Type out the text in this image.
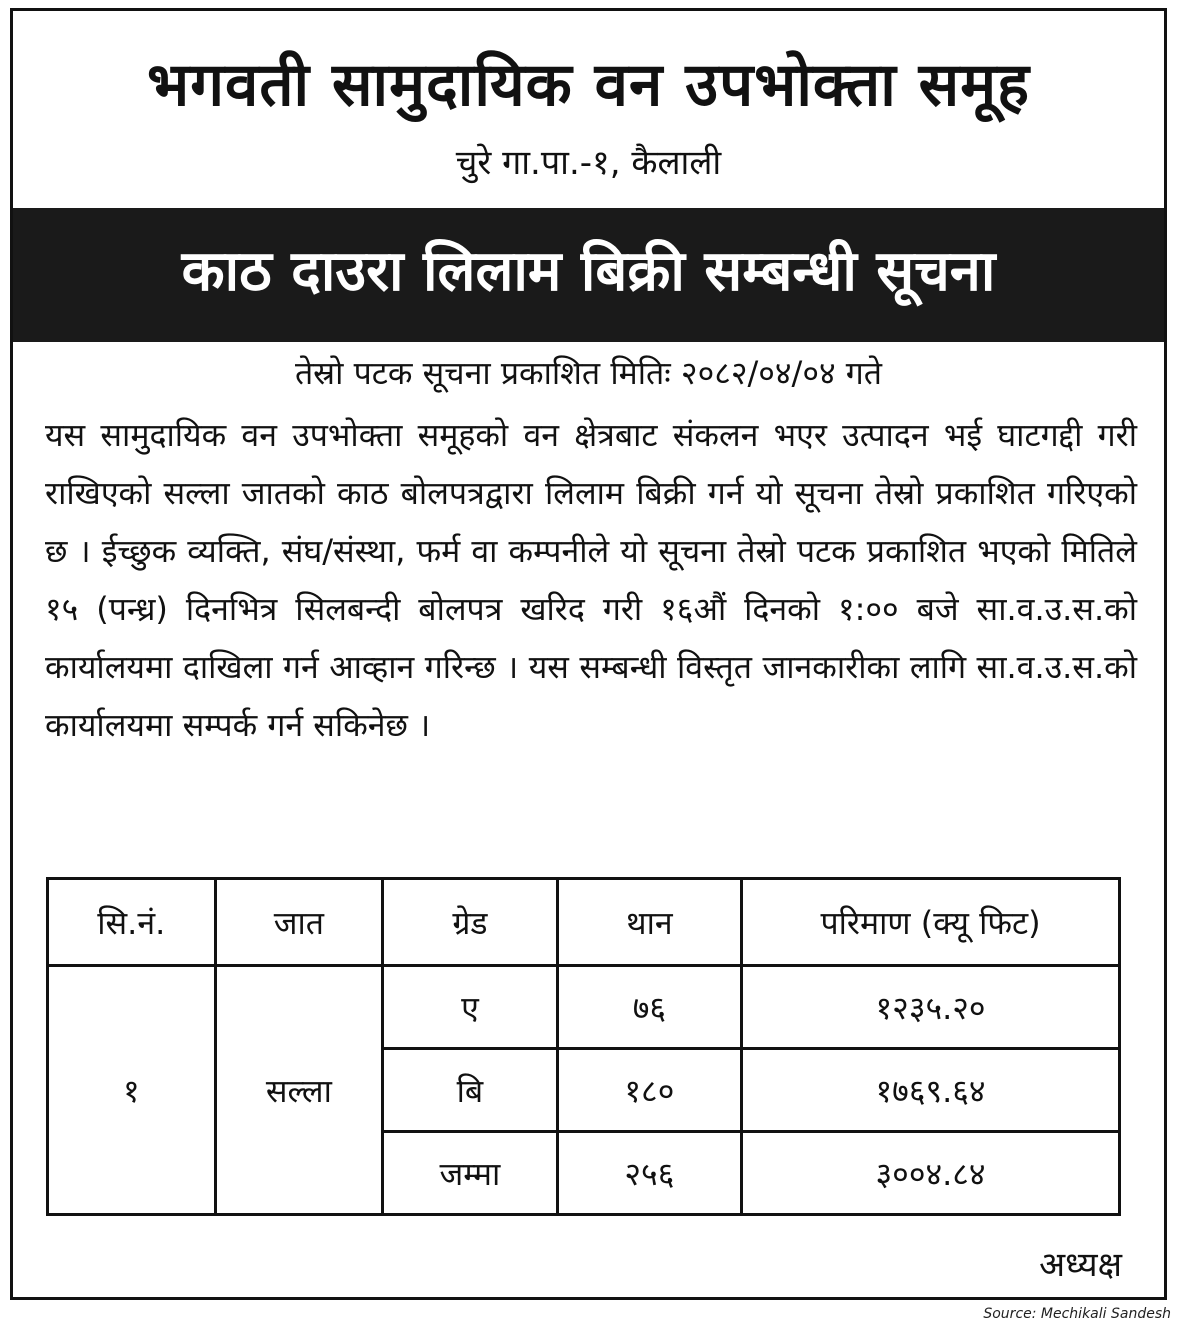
भगवती सामुदायिक वन उपभोक्ता समूह
चुरे गा.पा.-१, कैलाली
काठ दाउरा लिलाम बिक्री सम्बन्धी सूचना
तेस्रो पटक सूचना प्रकाशित मितिः २०८२/०४/०४ गते
यस सामुदायिक वन उपभोक्ता समूहको वन क्षेत्रबाट संकलन भएर उत्पादन भई घाटगद्दी गरी राखिएको सल्ला जातको काठ बोलपत्रद्वारा लिलाम बिक्री गर्न यो सूचना तेस्रो प्रकाशित गरिएको छ । ईच्छुक व्यक्ति, संघ/संस्था, फर्म वा कम्पनीले यो सूचना तेस्रो पटक प्रकाशित भएको मितिले १५ (पन्ध्र) दिनभित्र सिलबन्दी बोलपत्र खरिद गरी १६औं दिनको १:०० बजे सा.व.उ.स.को कार्यालयमा दाखिला गर्न आव्हान गरिन्छ । यस सम्बन्धी विस्तृत जानकारीका लागि सा.व.उ.स.को कार्यालयमा सम्पर्क गर्न सकिनेछ ।
सि.नं.	जात	ग्रेड	थान	परिमाण (क्यू फिट)
१	सल्ला	ए	७६	१२३५.२०
		बि	१८०	१७६९.६४
		जम्मा	२५६	३००४.८४
अध्यक्ष
Source: Mechikali Sandesh
